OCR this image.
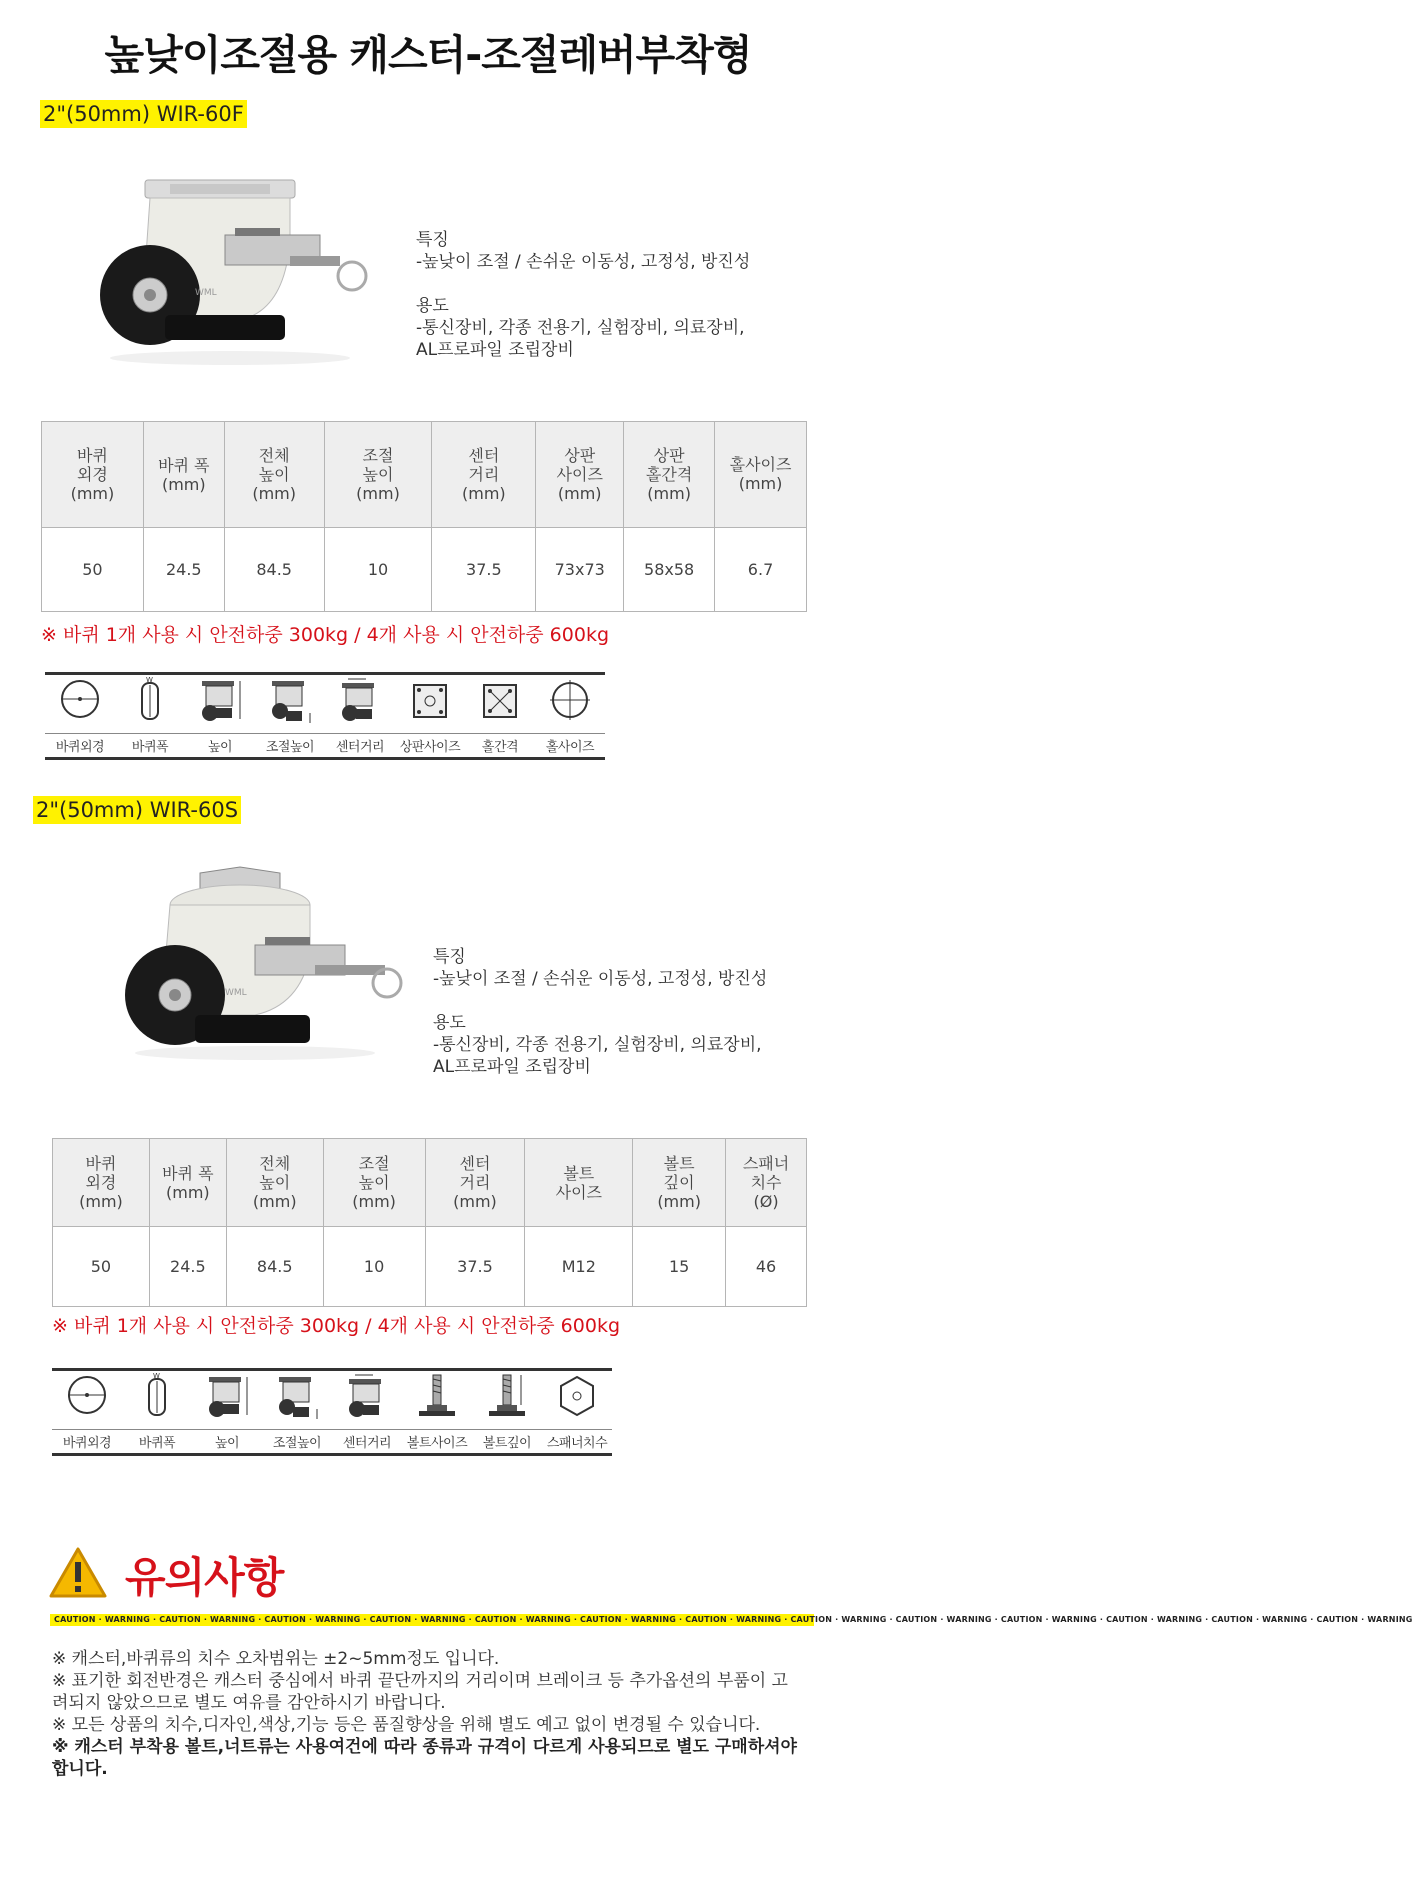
높낮이조절용 캐스터-조절레버부착형
2"(50mm) WIR-60F
WML
특징
-높낮이 조절 / 손쉬운 이동성, 고정성, 방진성
용도
-통신장비, 각종 전용기, 실험장비, 의료장비,
AL프로파일 조립장비
바퀴
외경
(mm)	바퀴 폭
(mm)	전체
높이
(mm)	조절
높이
(mm)	센터
거리
(mm)	상판
사이즈
(mm)	상판
홀간격
(mm)	홀사이즈
(mm)
50	24.5	84.5	10	37.5	73x73	58x58	6.7
※ 바퀴 1개 사용 시 안전하중 300kg / 4개 사용 시 안전하중 600kg
바퀴외경
W
바퀴폭	높이	조절높이	센터거리	상판사이즈	홀간격	홀사이즈
2"(50mm) WIR-60S
WML
특징
-높낮이 조절 / 손쉬운 이동성, 고정성, 방진성
용도
-통신장비, 각종 전용기, 실험장비, 의료장비,
AL프로파일 조립장비
바퀴
외경
(mm)	바퀴 폭
(mm)	전체
높이
(mm)	조절
높이
(mm)	센터
거리
(mm)	볼트
사이즈	볼트
깊이
(mm)	스패너
치수
(Ø)
50	24.5	84.5	10	37.5	M12	15	46
※ 바퀴 1개 사용 시 안전하중 300kg / 4개 사용 시 안전하중 600kg
바퀴외경
W
바퀴폭	높이	조절높이	센터거리	볼트사이즈	볼트깊이	스패너치수
유의사항
CAUTION · WARNING · CAUTION · WARNING · CAUTION · WARNING · CAUTION · WARNING · CAUTION · WARNING · CAUTION · WARNING · CAUTION · WARNING · CAUTION · WARNING · CAUTION · WARNING · CAUTION · WARNING · CAUTION · WARNING · CAUTION · WARNING · CAUTION · WARNING
※ 캐스터,바퀴류의 치수 오차범위는 ±2~5mm정도 입니다.
※ 표기한 회전반경은 캐스터 중심에서 바퀴 끝단까지의 거리이며 브레이크 등 추가옵션의 부품이 고
려되지 않았으므로 별도 여유를 감안하시기 바랍니다.
※ 모든 상품의 치수,디자인,색상,기능 등은 품질향상을 위해 별도 예고 없이 변경될 수 있습니다.
※ 캐스터 부착용 볼트,너트류는 사용여건에 따라 종류과 규격이 다르게 사용되므로 별도 구매하셔야
합니다.
